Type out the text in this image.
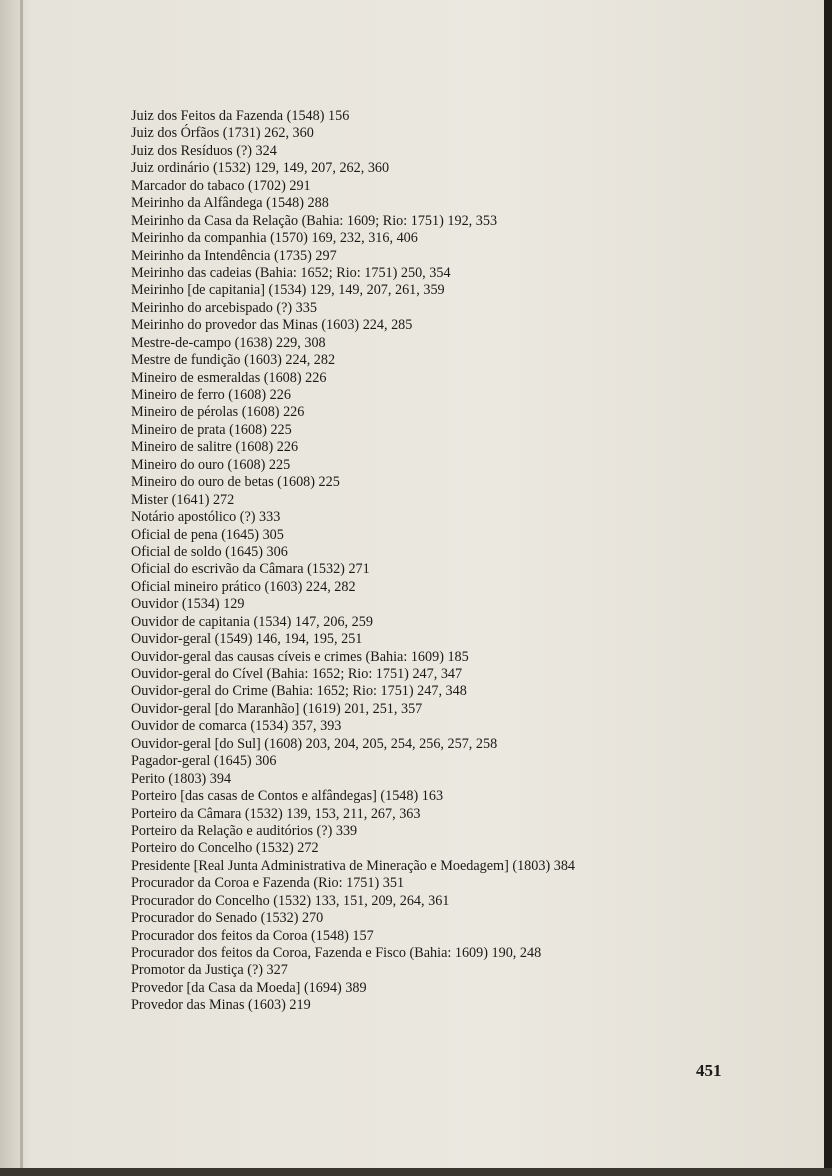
Juiz dos Feitos da Fazenda (1548) 156
Juiz dos Órfãos (1731) 262, 360
Juiz dos Resíduos (?) 324
Juiz ordinário (1532) 129, 149, 207, 262, 360
Marcador do tabaco (1702) 291
Meirinho da Alfândega (1548) 288
Meirinho da Casa da Relação (Bahia: 1609; Rio: 1751) 192, 353
Meirinho da companhia (1570) 169, 232, 316, 406
Meirinho da Intendência (1735) 297
Meirinho das cadeias (Bahia: 1652; Rio: 1751) 250, 354
Meirinho [de capitania] (1534) 129, 149, 207, 261, 359
Meirinho do arcebispado (?) 335
Meirinho do provedor das Minas (1603) 224, 285
Mestre-de-campo (1638) 229, 308
Mestre de fundição (1603) 224, 282
Mineiro de esmeraldas (1608) 226
Mineiro de ferro (1608) 226
Mineiro de pérolas (1608) 226
Mineiro de prata (1608) 225
Mineiro de salitre (1608) 226
Mineiro do ouro (1608) 225
Mineiro do ouro de betas (1608) 225
Mister (1641) 272
Notário apostólico (?) 333
Oficial de pena (1645) 305
Oficial de soldo (1645) 306
Oficial do escrivão da Câmara (1532) 271
Oficial mineiro prático (1603) 224, 282
Ouvidor (1534) 129
Ouvidor de capitania (1534) 147, 206, 259
Ouvidor-geral (1549) 146, 194, 195, 251
Ouvidor-geral das causas cíveis e crimes (Bahia: 1609) 185
Ouvidor-geral do Cível (Bahia: 1652; Rio: 1751) 247, 347
Ouvidor-geral do Crime (Bahia: 1652; Rio: 1751) 247, 348
Ouvidor-geral [do Maranhão] (1619) 201, 251, 357
Ouvidor de comarca (1534) 357, 393
Ouvidor-geral [do Sul] (1608) 203, 204, 205, 254, 256, 257, 258
Pagador-geral (1645) 306
Perito (1803) 394
Porteiro [das casas de Contos e alfândegas] (1548) 163
Porteiro da Câmara (1532) 139, 153, 211, 267, 363
Porteiro da Relação e auditórios (?) 339
Porteiro do Concelho (1532) 272
Presidente [Real Junta Administrativa de Mineração e Moedagem] (1803) 384
Procurador da Coroa e Fazenda (Rio: 1751) 351
Procurador do Concelho (1532) 133, 151, 209, 264, 361
Procurador do Senado (1532) 270
Procurador dos feitos da Coroa (1548) 157
Procurador dos feitos da Coroa, Fazenda e Fisco (Bahia: 1609) 190, 248
Promotor da Justiça (?) 327
Provedor [da Casa da Moeda] (1694) 389
Provedor das Minas (1603) 219
451
